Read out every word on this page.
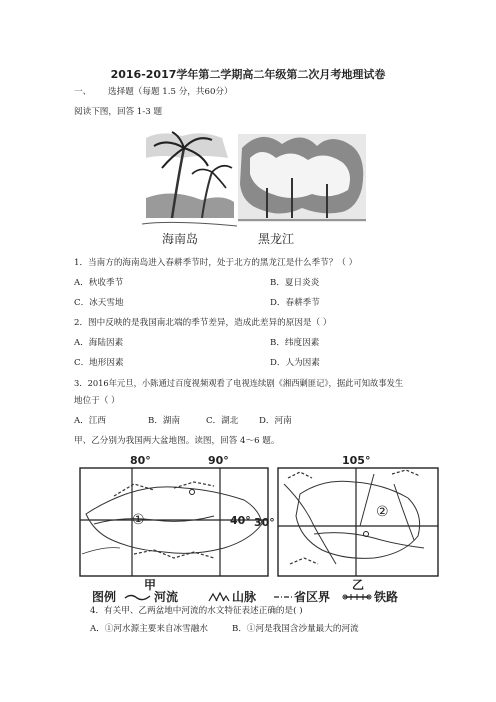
2016-2017学年第二学期高二年级第二次月考地理试卷
一、 选择题（每题 1.5 分，共60分）
阅读下图，回答 1-3 题
海南岛	黑龙江
1．当南方的海南岛进入春耕季节时，处于北方的黑龙江是什么季节？（ ）
A．秋收季节	B．夏日炎炎
C．冰天雪地	D．春耕季节
2．图中反映的是我国南北端的季节差异，造成此差异的原因是（ ）
A．海陆因素	B．纬度因素
C．地形因素	D．人为因素
3．2016年元旦，小陈通过百度视频观看了电视连续剧《湘西剿匪记》，据此可知故事发生
地位于（ ）
A．江西	B．湖南	C．湖北 D．河南
甲、乙分别为我国两大盆地图。读图，回答 4～6 题。
80°	90°
40°
①
甲
105°
30°
②
乙
图例	河流	山脉	省区界	铁路
4．有关甲、乙两盆地中河流的水文特征表述正确的是( )
A．①河水源主要来自冰雪融水	B．①河是我国含沙量最大的河流
